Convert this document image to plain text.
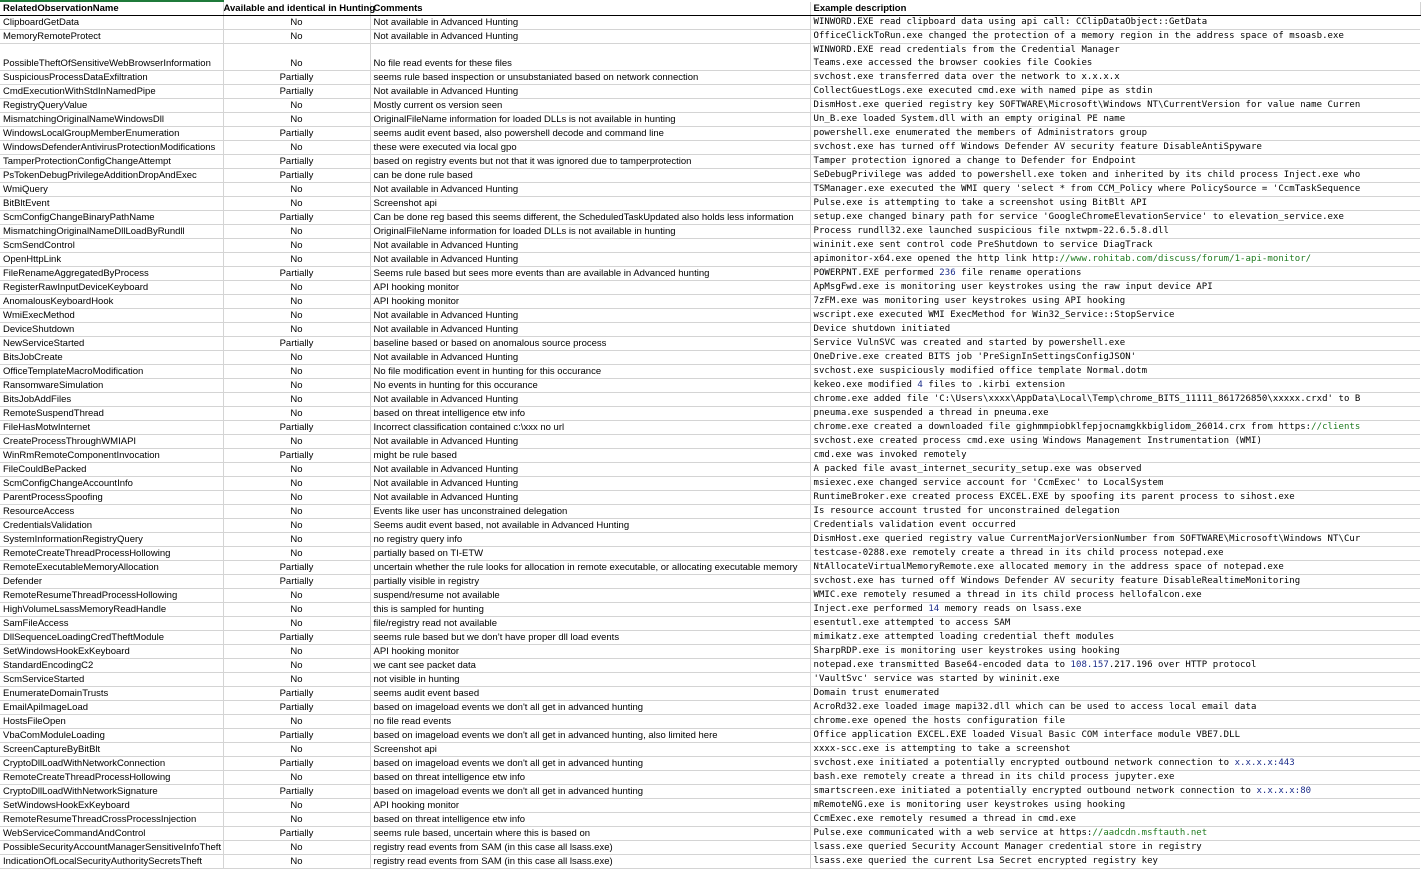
RelatedObservationName	Available and identical in Hunting	Comments	Example description
ClipboardGetData	No	Not available in Advanced Hunting	WINWORD.EXE read clipboard data using api call: CClipDataObject::GetData
MemoryRemoteProtect	No	Not available in Advanced Hunting	OfficeClickToRun.exe changed the protection of a memory region in the address space of msoasb.exe
PossibleTheftOfSensitiveWebBrowserInformation	No	No file read events for these files	
WINWORD.EXE read credentials from the Credential Manager
Teams.exe accessed the browser cookies file Cookies

SuspiciousProcessDataExfiltration	Partially	seems rule based inspection or unsubstaniated based on network connection	svchost.exe transferred data over the network to x.x.x.x
CmdExecutionWithStdInNamedPipe	Partially	Not available in Advanced Hunting	CollectGuestLogs.exe executed cmd.exe with named pipe as stdin
RegistryQueryValue	No	Mostly current os version seen	DismHost.exe queried registry key SOFTWARE\Microsoft\Windows NT\CurrentVersion for value name Curren
MismatchingOriginalNameWindowsDll	No	OriginalFileName information for loaded DLLs is not available in hunting	Un_B.exe loaded System.dll with an empty original PE name
WindowsLocalGroupMemberEnumeration	Partially	seems audit event based, also powershell decode and command line	powershell.exe enumerated the members of Administrators group
WindowsDefenderAntivirusProtectionModifications	No	these were executed via local gpo	svchost.exe has turned off Windows Defender AV security feature DisableAntiSpyware
TamperProtectionConfigChangeAttempt	Partially	based on registry events but not that it was ignored due to tamperprotection	Tamper protection ignored a change to Defender for Endpoint
PsTokenDebugPrivilegeAdditionDropAndExec	Partially	can be done rule based	SeDebugPrivilege was added to powershell.exe token and inherited by its child process Inject.exe who
WmiQuery	No	Not available in Advanced Hunting	TSManager.exe executed the WMI query 'select * from CCM_Policy where PolicySource = 'CcmTaskSequence
BitBltEvent	No	Screenshot api	Pulse.exe is attempting to take a screenshot using BitBlt API
ScmConfigChangeBinaryPathName	Partially	Can be done reg based this seems different, the ScheduledTaskUpdated also holds less information	setup.exe changed binary path for service 'GoogleChromeElevationService' to elevation_service.exe
MismatchingOriginalNameDllLoadByRundll	No	OriginalFileName information for loaded DLLs is not available in hunting	Process rundll32.exe launched suspicious file nxtwpm-22.6.5.8.dll
ScmSendControl	No	Not available in Advanced Hunting	wininit.exe sent control code PreShutdown to service DiagTrack
OpenHttpLink	No	Not available in Advanced Hunting	apimonitor-x64.exe opened the http link http://www.rohitab.com/discuss/forum/1-api-monitor/
FileRenameAggregatedByProcess	Partially	Seems rule based but sees more events than are available in Advanced hunting	POWERPNT.EXE performed 236 file rename operations
RegisterRawInputDeviceKeyboard	No	API hooking monitor	ApMsgFwd.exe is monitoring user keystrokes using the raw input device API
AnomalousKeyboardHook	No	API hooking monitor	7zFM.exe was monitoring user keystrokes using API hooking
WmiExecMethod	No	Not available in Advanced Hunting	wscript.exe executed WMI ExecMethod for Win32_Service::StopService
DeviceShutdown	No	Not available in Advanced Hunting	Device shutdown initiated
NewServiceStarted	Partially	baseline based or based on anomalous source process	Service VulnSVC was created and started by powershell.exe
BitsJobCreate	No	Not available in Advanced Hunting	OneDrive.exe created BITS job 'PreSignInSettingsConfigJSON'
OfficeTemplateMacroModification	No	No file modification event in hunting for this occurance	svchost.exe suspiciously modified office template Normal.dotm
RansomwareSimulation	No	No events in hunting for this occurance	kekeo.exe modified 4 files to .kirbi extension
BitsJobAddFiles	No	Not available in Advanced Hunting	chrome.exe added file 'C:\Users\xxxx\AppData\Local\Temp\chrome_BITS_11111_861726850\xxxxx.crxd' to B
RemoteSuspendThread	No	based on threat intelligence etw info	pneuma.exe suspended a thread in pneuma.exe
FileHasMotwInternet	Partially	Incorrect classification contained c:\xxx no url	chrome.exe created a downloaded file gighmmpiobklfepjocnamgkkbiglidom_26014.crx from https://clients
CreateProcessThroughWMIAPI	No	Not available in Advanced Hunting	svchost.exe created process cmd.exe using Windows Management Instrumentation (WMI)
WinRmRemoteComponentInvocation	Partially	might be rule based	cmd.exe was invoked remotely
FileCouldBePacked	No	Not available in Advanced Hunting	A packed file avast_internet_security_setup.exe was observed
ScmConfigChangeAccountInfo	No	Not available in Advanced Hunting	msiexec.exe changed service account for 'CcmExec' to LocalSystem
ParentProcessSpoofing	No	Not available in Advanced Hunting	RuntimeBroker.exe created process EXCEL.EXE by spoofing its parent process to sihost.exe
ResourceAccess	No	Events like user has unconstrained delegation	Is resource account trusted for unconstrained delegation
CredentialsValidation	No	Seems audit event based, not available in Advanced Hunting	Credentials validation event occurred
SystemInformationRegistryQuery	No	no registry query info	DismHost.exe queried registry value CurrentMajorVersionNumber from SOFTWARE\Microsoft\Windows NT\Cur
RemoteCreateThreadProcessHollowing	No	partially based on TI-ETW	testcase-0288.exe remotely create a thread in its child process notepad.exe
RemoteExecutableMemoryAllocation	Partially	uncertain whether the rule looks for allocation in remote executable, or allocating executable memory	NtAllocateVirtualMemoryRemote.exe allocated memory in the address space of notepad.exe
Defender	Partially	partially visible in registry	svchost.exe has turned off Windows Defender AV security feature DisableRealtimeMonitoring
RemoteResumeThreadProcessHollowing	No	suspend/resume not available	WMIC.exe remotely resumed a thread in its child process hellofalcon.exe
HighVolumeLsassMemoryReadHandle	No	this is sampled for hunting	Inject.exe performed 14 memory reads on lsass.exe
SamFileAccess	No	file/registry read not available	esentutl.exe attempted to access SAM
DllSequenceLoadingCredTheftModule	Partially	seems rule based but we don’t have proper dll load events	mimikatz.exe attempted loading credential theft modules
SetWindowsHookExKeyboard	No	API hooking monitor	SharpRDP.exe is monitoring user keystrokes using hooking
StandardEncodingC2	No	we cant see packet data	notepad.exe transmitted Base64-encoded data to 108.157.217.196 over HTTP protocol
ScmServiceStarted	No	not visible in hunting	'VaultSvc' service was started by wininit.exe
EnumerateDomainTrusts	Partially	seems audit event based	Domain trust enumerated
EmailApiImageLoad	Partially	based on imageload events we don't all get in advanced hunting	AcroRd32.exe loaded image mapi32.dll which can be used to access local email data
HostsFileOpen	No	no file read events	chrome.exe opened the hosts configuration file
VbaComModuleLoading	Partially	based on imageload events we don't all get in advanced hunting, also limited here	Office application EXCEL.EXE loaded Visual Basic COM interface module VBE7.DLL
ScreenCaptureByBitBlt	No	Screenshot api	xxxx-scc.exe is attempting to take a screenshot
CryptoDllLoadWithNetworkConnection	Partially	based on imageload events we don't all get in advanced hunting	svchost.exe initiated a potentially encrypted outbound network connection to x.x.x.x:443
RemoteCreateThreadProcessHollowing	No	based on threat intelligence etw info	bash.exe remotely create a thread in its child process jupyter.exe
CryptoDllLoadWithNetworkSignature	Partially	based on imageload events we don't all get in advanced hunting	smartscreen.exe initiated a potentially encrypted outbound network connection to x.x.x.x:80
SetWindowsHookExKeyboard	No	API hooking monitor	mRemoteNG.exe is monitoring user keystrokes using hooking
RemoteResumeThreadCrossProcessInjection	No	based on threat intelligence etw info	CcmExec.exe remotely resumed a thread in cmd.exe
WebServiceCommandAndControl	Partially	seems rule based, uncertain where this is based on	Pulse.exe communicated with a web service at https://aadcdn.msftauth.net
PossibleSecurityAccountManagerSensitiveInfoTheft	No	registry read events from SAM (in this case all lsass.exe)	lsass.exe queried Security Account Manager credential store in registry
IndicationOfLocalSecurityAuthoritySecretsTheft	No	registry read events from SAM (in this case all lsass.exe)	lsass.exe queried the current Lsa Secret encrypted registry key
